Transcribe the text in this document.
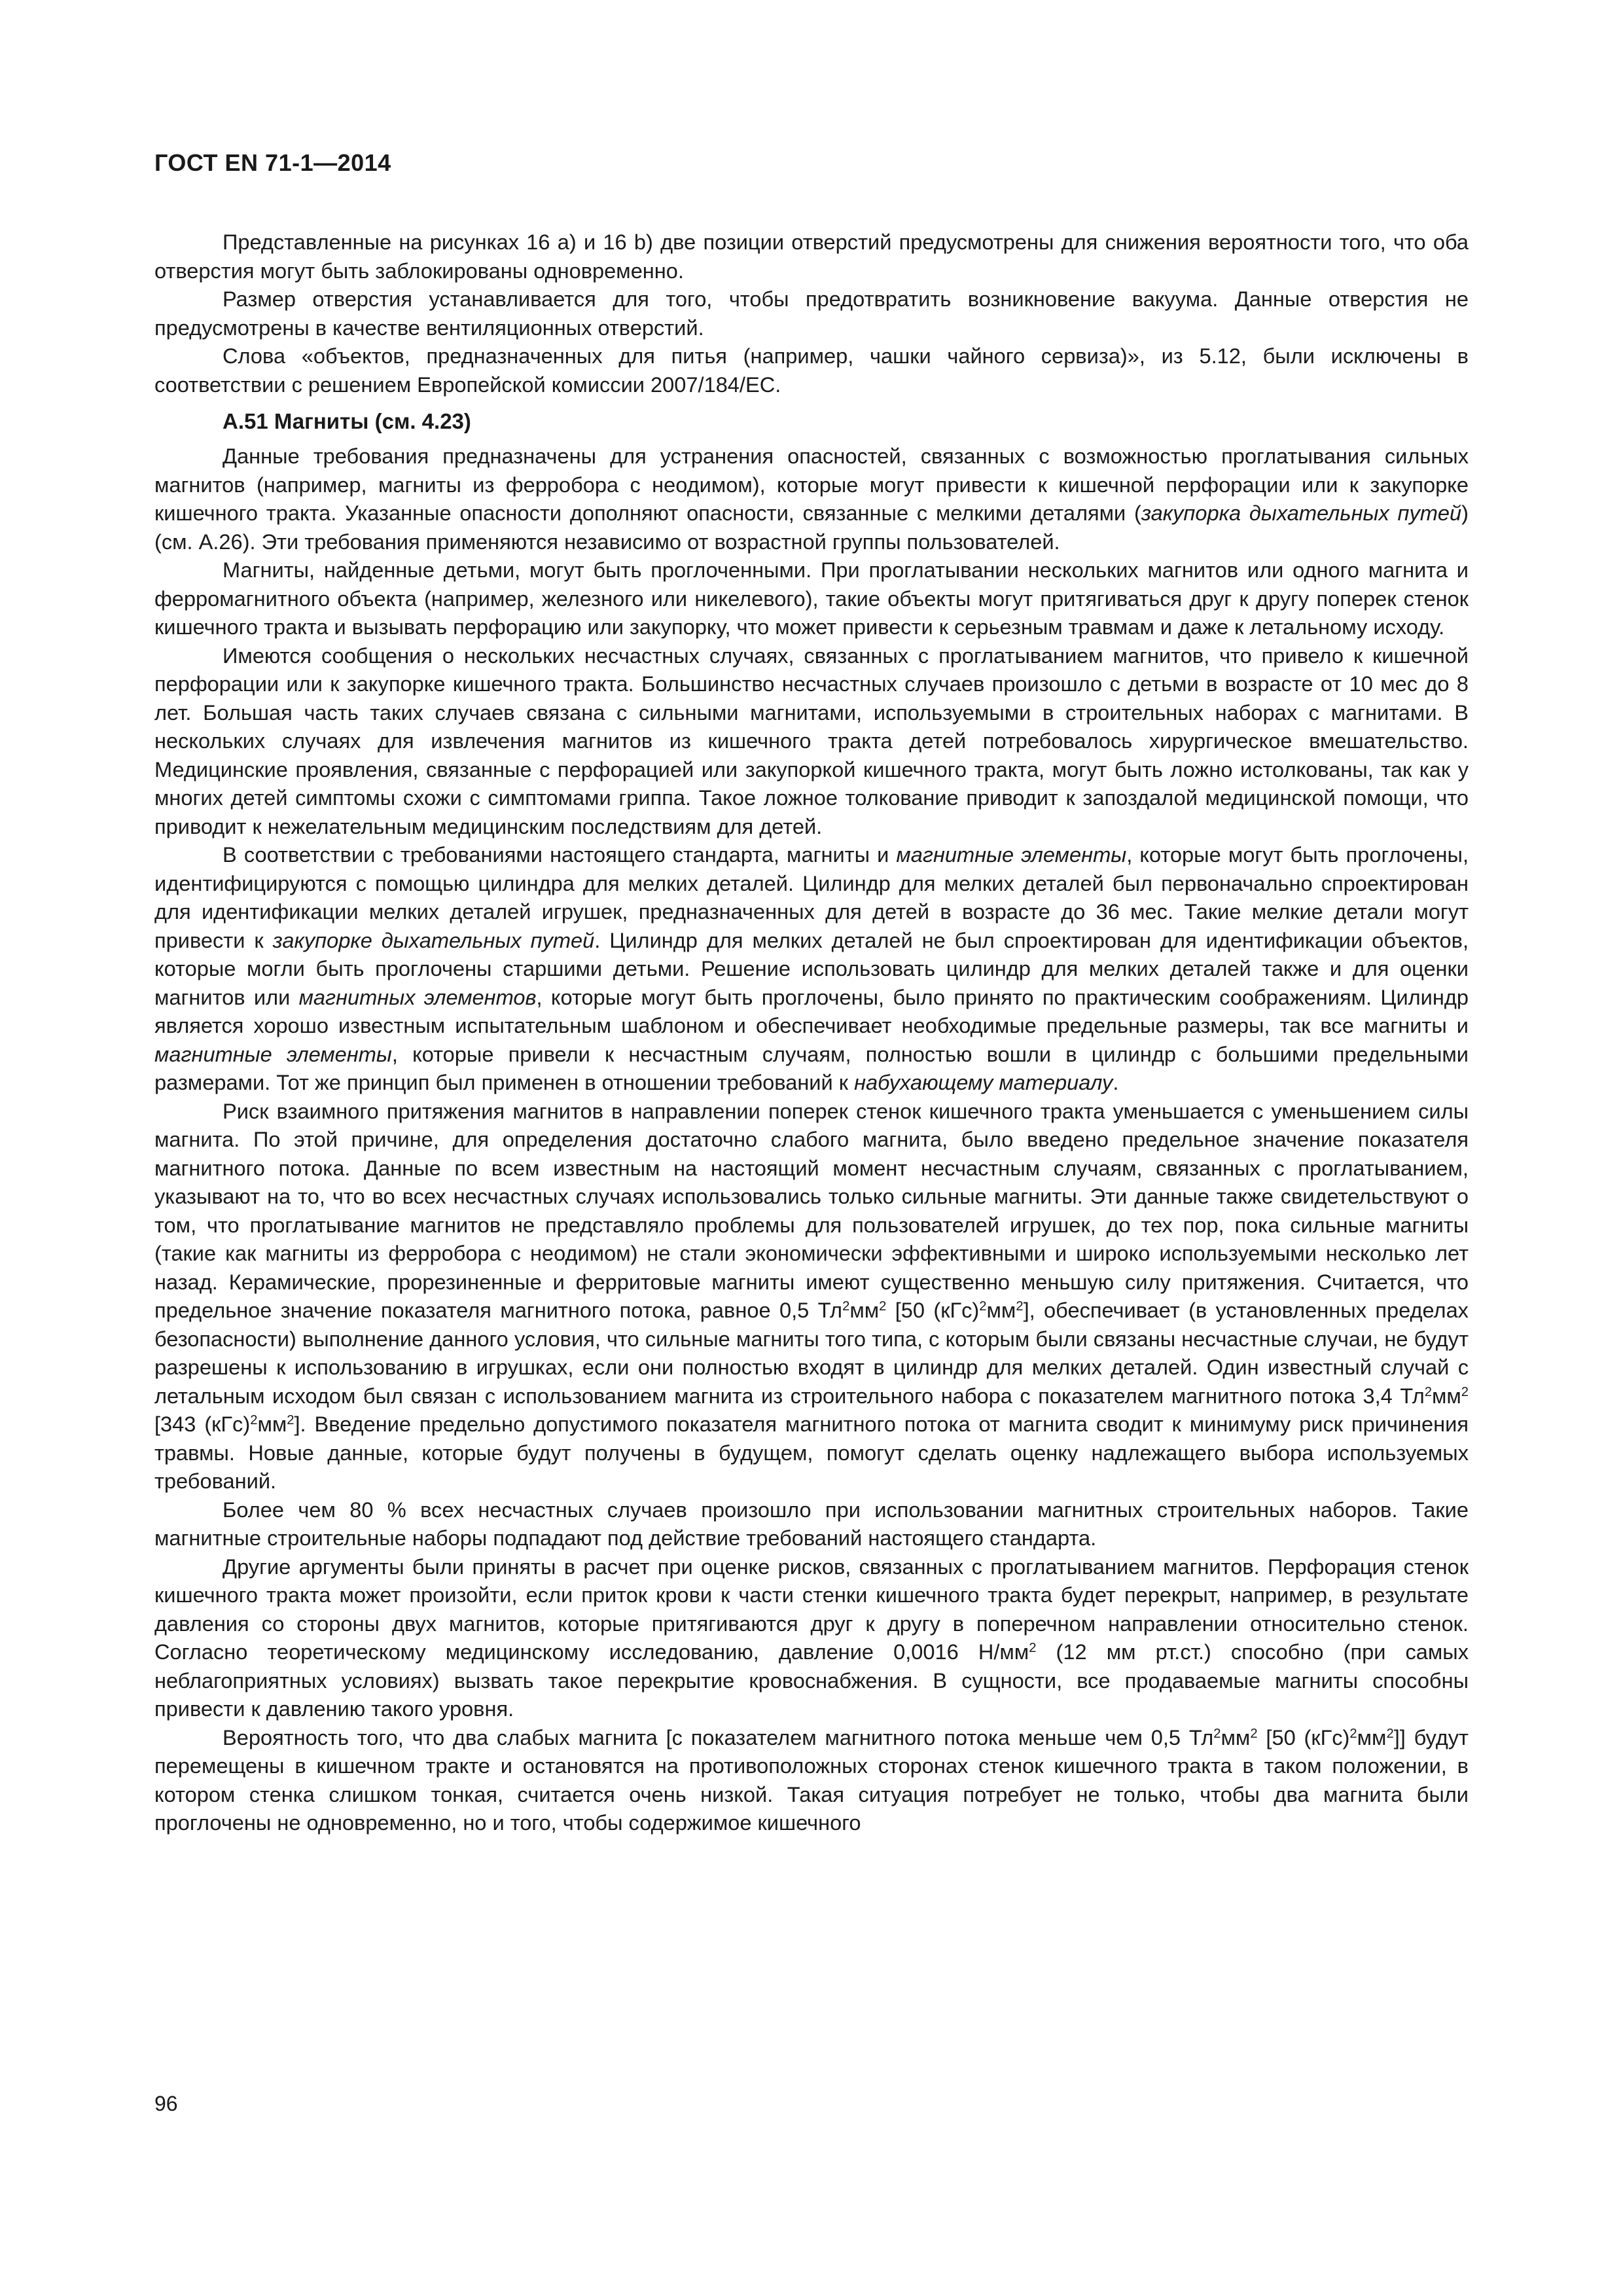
ГОСТ EN 71-1—2014

Представленные на рисунках 16 a) и 16 b) две позиции отверстий предусмотрены для снижения вероятности того, что оба отверстия могут быть заблокированы одновременно.

Размер отверстия устанавливается для того, чтобы предотвратить возникновение вакуума. Данные отверстия не предусмотрены в качестве вентиляционных отверстий.

Слова «объектов, предназначенных для питья (например, чашки чайного сервиза)», из 5.12, были исключены в соответствии с решением Европейской комиссии 2007/184/EC.

А.51 Магниты (см. 4.23)

Данные требования предназначены для устранения опасностей, связанных с возможностью проглатывания сильных магнитов (например, магниты из ферробора с неодимом), которые могут привести к кишечной перфорации или к закупорке кишечного тракта. Указанные опасности дополняют опасности, связанные с мелкими деталями (закупорка дыхательных путей) (см. А.26). Эти требования применяются независимо от возрастной группы пользователей.

Магниты, найденные детьми, могут быть проглоченными. При проглатывании нескольких магнитов или одного магнита и ферромагнитного объекта (например, железного или никелевого), такие объекты могут притягиваться друг к другу поперек стенок кишечного тракта и вызывать перфорацию или закупорку, что может привести к серьезным травмам и даже к летальному исходу.

Имеются сообщения о нескольких несчастных случаях, связанных с проглатыванием магнитов, что привело к кишечной перфорации или к закупорке кишечного тракта. Большинство несчастных случаев произошло с детьми в возрасте от 10 мес до 8 лет. Большая часть таких случаев связана с сильными магнитами, используемыми в строительных наборах с магнитами. В нескольких случаях для извлечения магнитов из кишечного тракта детей потребовалось хирургическое вмешательство. Медицинские проявления, связанные с перфорацией или закупоркой кишечного тракта, могут быть ложно истолкованы, так как у многих детей симптомы схожи с симптомами гриппа. Такое ложное толкование приводит к запоздалой медицинской помощи, что приводит к нежелательным медицинским последствиям для детей.

В соответствии с требованиями настоящего стандарта, магниты и магнитные элементы, которые могут быть проглочены, идентифицируются с помощью цилиндра для мелких деталей. Цилиндр для мелких деталей был первоначально спроектирован для идентификации мелких деталей игрушек, предназначенных для детей в возрасте до 36 мес. Такие мелкие детали могут привести к закупорке дыхательных путей. Цилиндр для мелких деталей не был спроектирован для идентификации объектов, которые могли быть проглочены старшими детьми. Решение использовать цилиндр для мелких деталей также и для оценки магнитов или магнитных элементов, которые могут быть проглочены, было принято по практическим соображениям. Цилиндр является хорошо известным испытательным шаблоном и обеспечивает необходимые предельные размеры, так все магниты и магнитные элементы, которые привели к несчастным случаям, полностью вошли в цилиндр с большими предельными размерами. Тот же принцип был применен в отношении требований к набухающему материалу.

Риск взаимного притяжения магнитов в направлении поперек стенок кишечного тракта уменьшается с уменьшением силы магнита. По этой причине, для определения достаточно слабого магнита, было введено предельное значение показателя магнитного потока. Данные по всем известным на настоящий момент несчастным случаям, связанных с проглатыванием, указывают на то, что во всех несчастных случаях использовались только сильные магниты. Эти данные также свидетельствуют о том, что проглатывание магнитов не представляло проблемы для пользователей игрушек, до тех пор, пока сильные магниты (такие как магниты из ферробора с неодимом) не стали экономически эффективными и широко используемыми несколько лет назад. Керамические, прорезиненные и ферритовые магниты имеют существенно меньшую силу притяжения. Считается, что предельное значение показателя магнитного потока, равное 0,5 $Тл^2мм^2$ [50 $(кГс)^2мм^2$], обеспечивает (в установленных пределах безопасности) выполнение данного условия, что сильные магниты того типа, с которым были связаны несчастные случаи, не будут разрешены к использованию в игрушках, если они полностью входят в цилиндр для мелких деталей. Один известный случай с летальным исходом был связан с использованием магнита из строительного набора с показателем магнитного потока 3,4 $Тл^2мм^2$ [343 $(кГс)^2мм^2$]. Введение предельно допустимого показателя магнитного потока от магнита сводит к минимуму риск причинения травмы. Новые данные, которые будут получены в будущем, помогут сделать оценку надлежащего выбора используемых требований.

Более чем 80 % всех несчастных случаев произошло при использовании магнитных строительных наборов. Такие магнитные строительные наборы подпадают под действие требований настоящего стандарта.

Другие аргументы были приняты в расчет при оценке рисков, связанных с проглатыванием магнитов. Перфорация стенок кишечного тракта может произойти, если приток крови к части стенки кишечного тракта будет перекрыт, например, в результате давления со стороны двух магнитов, которые притягиваются друг к другу в поперечном направлении относительно стенок. Согласно теоретическому медицинскому исследованию, давление 0,0016 $Н/мм^2$ (12 мм рт.ст.) способно (при самых неблагоприятных условиях) вызвать такое перекрытие кровоснабжения. В сущности, все продаваемые магниты способны привести к давлению такого уровня.

Вероятность того, что два слабых магнита [с показателем магнитного потока меньше чем 0,5 $Тл^2мм^2$ [50 $(кГс)^2мм^2$]] будут перемещены в кишечном тракте и остановятся на противоположных сторонах стенок кишечного тракта в таком положении, в котором стенка слишком тонкая, считается очень низкой. Такая ситуация потребует не только, чтобы два магнита были проглочены не одновременно, но и того, чтобы содержимое кишечного

96
